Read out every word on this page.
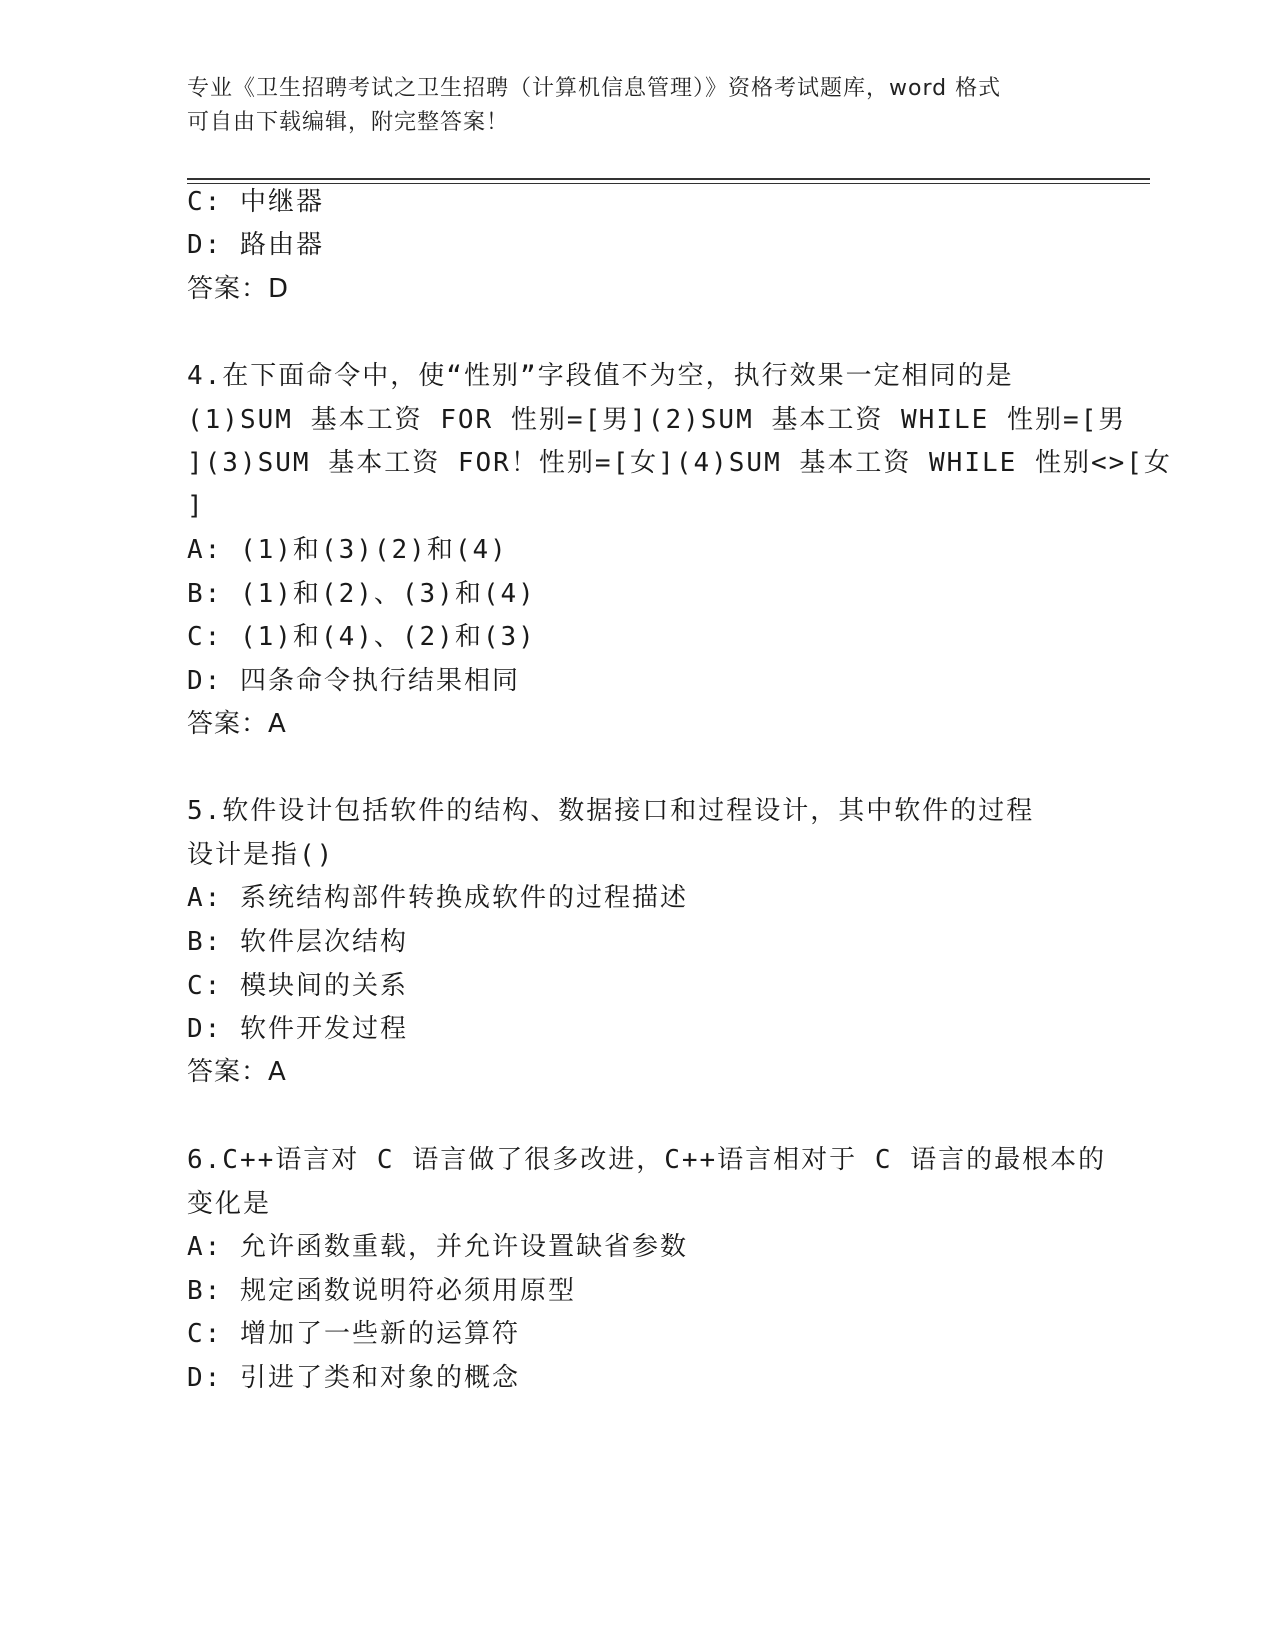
专业《卫生招聘考试之卫生招聘（计算机信息管理）》资格考试题库，word 格式
可自由下载编辑，附完整答案！
C: 中继器
D: 路由器
答案：D
4.在下面命令中，使“性别”字段值不为空，执行效果一定相同的是
(1)SUM 基本工资 FOR 性别=[男](2)SUM 基本工资 WHILE 性别=[男
](3)SUM 基本工资 FOR！性别=[女](4)SUM 基本工资 WHILE 性别<>[女
]
A: (1)和(3)(2)和(4)
B: (1)和(2)、(3)和(4)
C: (1)和(4)、(2)和(3)
D: 四条命令执行结果相同
答案：A
5.软件设计包括软件的结构、数据接口和过程设计，其中软件的过程
设计是指()
A: 系统结构部件转换成软件的过程描述
B: 软件层次结构
C: 模块间的关系
D: 软件开发过程
答案：A
6.C++语言对 C 语言做了很多改进，C++语言相对于 C 语言的最根本的
变化是
A: 允许函数重载，并允许设置缺省参数
B: 规定函数说明符必须用原型
C: 增加了一些新的运算符
D: 引进了类和对象的概念
